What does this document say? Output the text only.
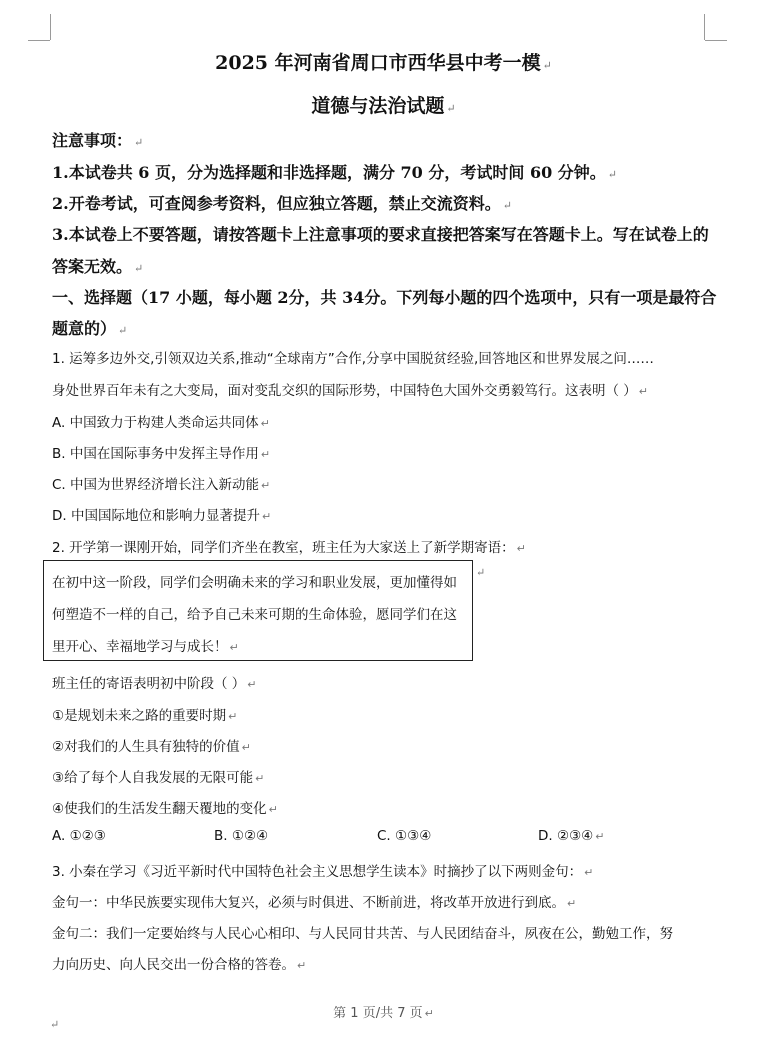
2025 年河南省周口市西华县中考一模 ↵
道德与法治试题 ↵
注意事项： ↵
1.本试卷共 6 页，分为选择题和非选择题，满分 70 分，考试时间 60 分钟。 ↵
2.开卷考试，可查阅参考资料，但应独立答题，禁止交流资料。 ↵
3.本试卷上不要答题，请按答题卡上注意事项的要求直接把答案写在答题卡上。写在试卷上的
答案无效。 ↵
一、选择题（17 小题，每小题 2分，共 34分。下列每小题的四个选项中，只有一项是最符合
题意的） ↵
1. 运筹多边外交,引领双边关系,推动“全球南方”合作,分享中国脱贫经验,回答地区和世界发展之问……
身处世界百年未有之大变局，面对变乱交织的国际形势，中国特色大国外交勇毅笃行。这表明（ ） ↵
A. 中国致力于构建人类命运共同体 ↵
B. 中国在国际事务中发挥主导作用 ↵
C. 中国为世界经济增长注入新动能 ↵
D. 中国国际地位和影响力显著提升 ↵
2. 开学第一课刚开始，同学们齐坐在教室，班主任为大家送上了新学期寄语： ↵
在初中这一阶段，同学们会明确未来的学习和职业发展，更加懂得如
何塑造不一样的自己，给予自己未来可期的生命体验，愿同学们在这
里开心、幸福地学习与成长！ ↵
↵
班主任的寄语表明初中阶段（ ） ↵
①是规划未来之路的重要时期 ↵
②对我们的人生具有独特的价值 ↵
③给了每个人自我发展的无限可能 ↵
④使我们的生活发生翻天覆地的变化 ↵
A. ①②③	B. ①②④	C. ①③④	D. ②③④ ↵
3. 小秦在学习《习近平新时代中国特色社会主义思想学生读本》时摘抄了以下两则金句： ↵
金句一：中华民族要实现伟大复兴，必须与时俱进、不断前进，将改革开放进行到底。 ↵
金句二：我们一定要始终与人民心心相印、与人民同甘共苦、与人民团结奋斗，夙夜在公，勤勉工作，努
力向历史、向人民交出一份合格的答卷。 ↵
第 1 页/共 7 页 ↵
↵
